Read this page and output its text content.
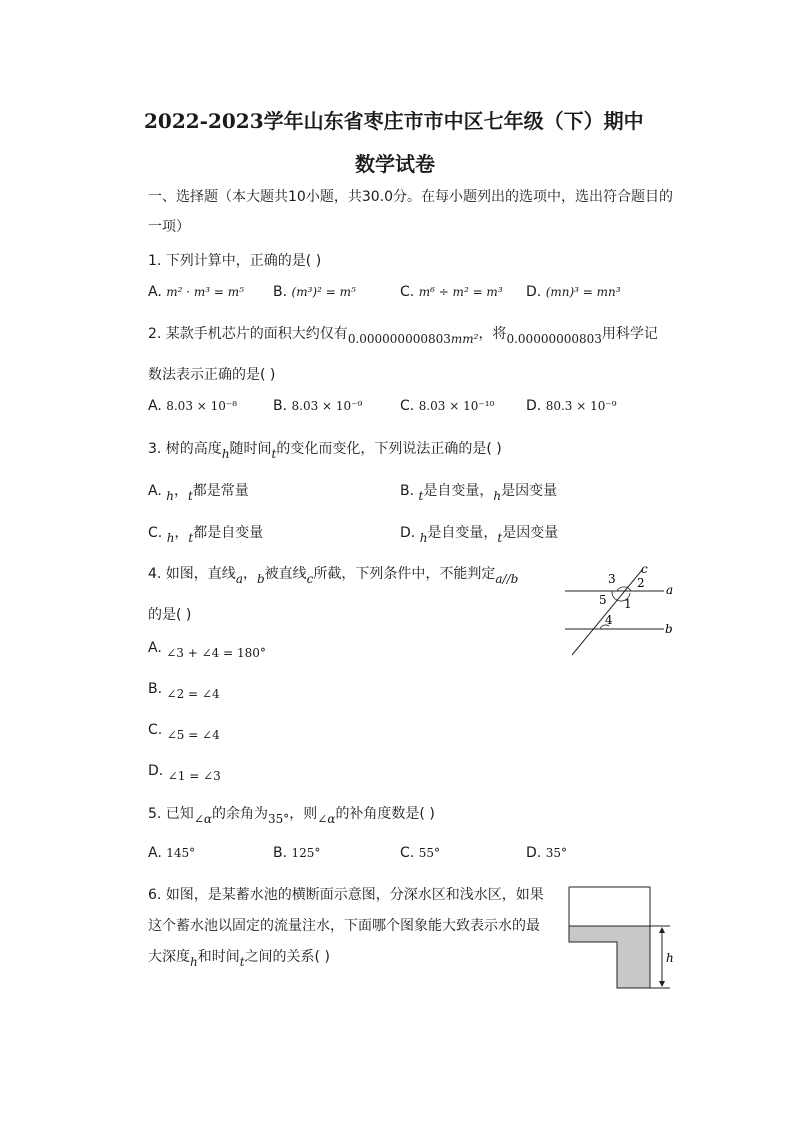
2022-2023学年山东省枣庄市市中区七年级（下）期中
数学试卷
一、选择题（本大题共10小题，共30.0分。在每小题列出的选项中，选出符合题目的
一项）
1. 下列计算中，正确的是( )
A. m² · m³ = m⁵ B. (m³)² = m⁵	C. m⁶ ÷ m² = m³ D. (mn)³ = mn³
2. 某款手机芯片的面积大约仅有0.000000000803mm²，将0.00000000803用科学记
数法表示正确的是( )
A. 8.03 × 10⁻⁸	B. 8.03 × 10⁻⁹	C. 8.03 × 10⁻¹⁰ D. 80.3 × 10⁻⁹
3. 树的高度h随时间t的变化而变化，下列说法正确的是( )
A. h，t都是常量	B. t是自变量，h是因变量
C. h，t都是自变量	D. h是自变量，t是因变量
4. 如图，直线a，b被直线c所截，下列条件中，不能判定a//b
的是( )
3 2
5 1
4
c
a
b
A. ∠3 + ∠4 = 180°
B. ∠2 = ∠4
C. ∠5 = ∠4
D. ∠1 = ∠3
5. 已知∠α的余角为35°，则∠α的补角度数是( )
A. 145°	B. 125°	C. 55°	D. 35°
6. 如图，是某蓄水池的横断面示意图，分深水区和浅水区，如果
这个蓄水池以固定的流量注水，下面哪个图象能大致表示水的最
大深度h和时间t之间的关系( )	h
